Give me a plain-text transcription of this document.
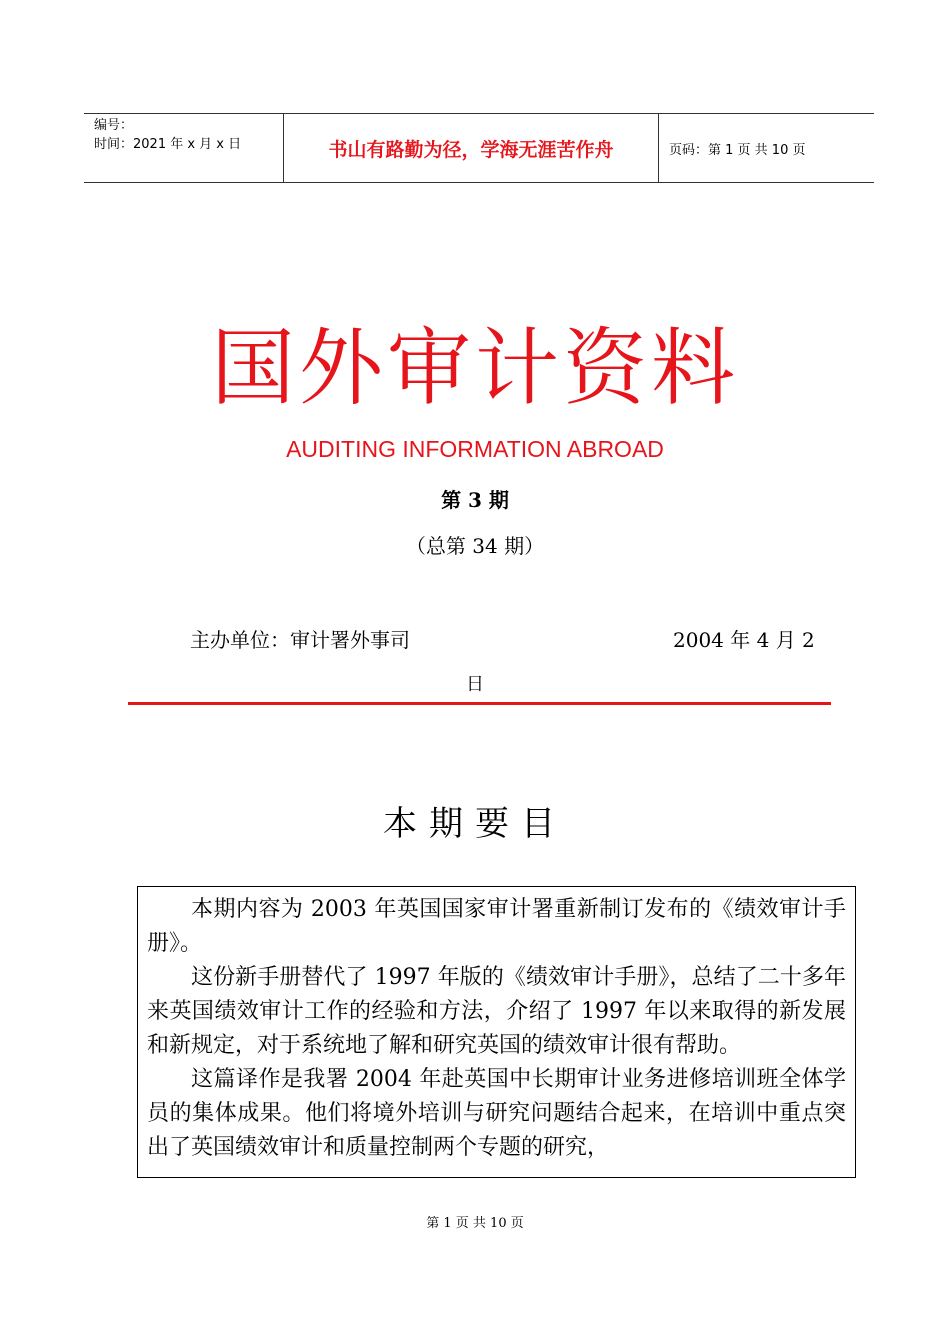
编号：
时间：2021 年 x 月 x 日	书山有路勤为径，学海无涯苦作舟	页码：第 1 页 共 10 页
国外审计资料
AUDITING INFORMATION ABROAD
第 3 期
（总第 34 期）
主办单位：审计署外事司	2004 年 4 月 2
日
本期要目

本期内容为 2003 年英国国家审计署重新制订发布的《绩效审计手册》。

这份新手册替代了 1997 年版的《绩效审计手册》，总结了二十多年来英国绩效审计工作的经验和方法，介绍了 1997 年以来取得的新发展和新规定，对于系统地了解和研究英国的绩效审计很有帮助。

这篇译作是我署 2004 年赴英国中长期审计业务进修培训班全体学员的集体成果。他们将境外培训与研究问题结合起来，在培训中重点突出了英国绩效审计和质量控制两个专题的研究，

第 1 页 共 10 页
